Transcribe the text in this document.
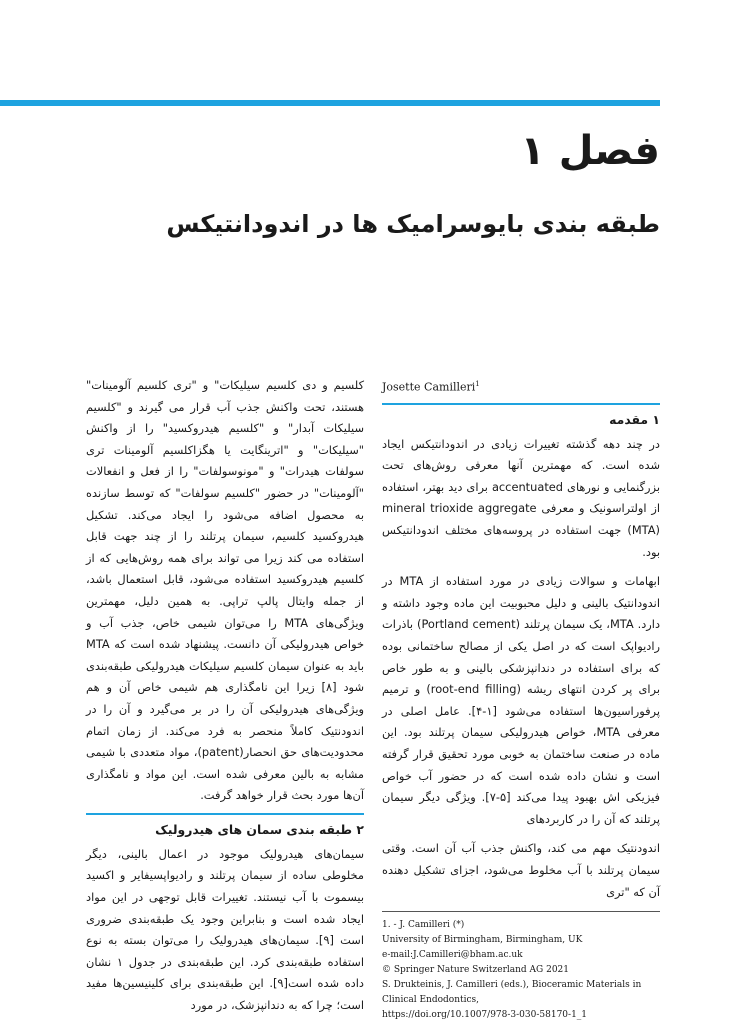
فصل ۱
طبقه بندی بایوسرامیک ها در اندودانتیکس
Josette Camilleri$^1$
۱ مقدمه

در چند دهه گذشته تغییرات زیادی در اندودانتیکس ایجاد شده است. که مهمترین آنها معرفی روش‌های تحت بزرگنمایی و نورهای accentuated برای دید بهتر، استفاده از اولتراسونیک و معرفی mineral trioxide aggregate (MTA) جهت استفاده در پروسه‌های مختلف اندودانتیکس بود.

ابهامات و سوالات زیادی در مورد استفاده از MTA در اندودانتیک بالینی و دلیل محبوبیت این ماده وجود داشته و دارد. MTA، یک سیمان پرتلند (Portland cement) باذرات رادیواپک است که در اصل یکی از مصالح ساختمانی بوده که برای استفاده در دندانپزشکی بالینی و به طور خاص برای پر کردن انتهای ریشه (root-end filling) و ترمیم پرفوراسیون‌ها استفاده می‌شود [۱-۴]. عامل اصلی در معرفی MTA، خواص هیدرولیکی سیمان پرتلند بود. این ماده در صنعت ساختمان به خوبی مورد تحقیق قرار گرفته است و نشان داده شده است که در حضور آب خواص فیزیکی اش بهبود پیدا می‌کند [۵-۷]. ویژگی دیگر سیمان پرتلند که آن را در کاربردهای

اندودنتیک مهم می کند، واکنش جذب آب آن است. وقتی سیمان پرتلند با آب مخلوط می‌شود، اجزای تشکیل دهنده آن که "تری

1. - J. Camilleri (*)
University of Birmingham, Birmingham, UK
e-mail:J.Camilleri@bham.ac.uk
© Springer Nature Switzerland AG 2021
S. Drukteinis, J. Camilleri (eds.), Bioceramic Materials in Clinical Endodontics,
https://doi.org/10.1007/978-3-030-58170-1_1

کلسیم و دی کلسیم سیلیکات" و "تری کلسیم آلومینات" هستند، تحت واکنش جذب آب قرار می گیرند و "کلسیم سیلیکات آبدار" و "کلسیم هیدروکسید" را از واکنش "سیلیکات" و "اترینگایت یا هگزاکلسیم آلومینات تری سولفات هیدرات" و "مونوسولفات" را از فعل و انفعالات "آلومینات" در حضور "کلسیم سولفات" که توسط سازنده به محصول اضافه می‌شود را ایجاد می‌کند. تشکیل هیدروکسید کلسیم، سیمان پرتلند را از چند جهت قابل استفاده می کند زیرا می تواند برای همه روش‌هایی که از کلسیم هیدروکسید استفاده می‌شود، قابل استعمال باشد، از جمله وایتال پالپ تراپی. به همین دلیل، مهمترین ویژگی‌های MTA را می‌توان شیمی خاص، جذب آب و خواص هیدرولیکی آن دانست. پیشنهاد شده است که MTA باید به عنوان سیمان کلسیم سیلیکات هیدرولیکی طبقه‌بندی شود [۸] زیرا این نامگذاری هم شیمی خاص آن و هم ویژگی‌های هیدرولیکی آن را در بر می‌گیرد و آن را در اندودنتیک کاملاً منحصر به فرد می‌کند. از زمان اتمام محدودیت‌های حق انحصار(patent)، مواد متعددی با شیمی مشابه به بالین معرفی شده است. این مواد و نامگذاری آن‌ها مورد بحث قرار خواهد گرفت.

۲ طبقه بندی سمان های هیدرولیک

سیمان‌های هیدرولیک موجود در اعمال بالینی، دیگر مخلوطی ساده از سیمان پرتلند و رادیواپسیفایر و اکسید بیسموت با آب نیستند. تغییرات قابل توجهی در این مواد ایجاد شده است و بنابراین وجود یک طبقه‌بندی ضروری است [۹]. سیمان‌های هیدرولیک را می‌توان بسته به نوع استفاده طبقه‌بندی کرد. این طبقه‌بندی در جدول ۱ نشان داده شده است[۹]. این طبقه‌بندی برای کلینیسین‌ها مفید است؛ چرا که به دندانپزشک، در مورد
